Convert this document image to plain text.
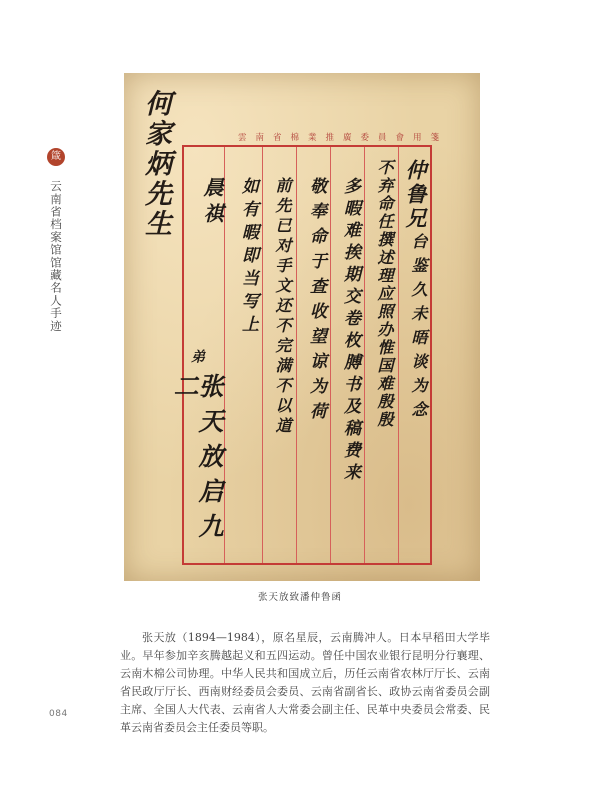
箴
云南省档案馆馆藏名人手迹
何家炳先生	雲南省棉業推廣委員會用箋
仲鲁兄
台鉴久未晤谈为念
不弃命任撰述理应照办惟国难殷殷
多暇难挨期交卷枚膊书及稿费来
敬奉命于查收望谅为荷
前先已对手文还不完满不以道
如有暇即当写上
晨祺
弟
张天放启九二
张天放致潘仲鲁函

张天放（1894—1984），原名星辰，云南腾冲人。日本早稻田大学毕业。早年参加辛亥腾越起义和五四运动。曾任中国农业银行昆明分行襄理、云南木棉公司协理。中华人民共和国成立后，历任云南省农林厅厅长、云南省民政厅厅长、西南财经委员会委员、云南省副省长、政协云南省委员会副主席、全国人大代表、云南省人大常委会副主任、民革中央委员会常委、民革云南省委员会主任委员等职。

084
